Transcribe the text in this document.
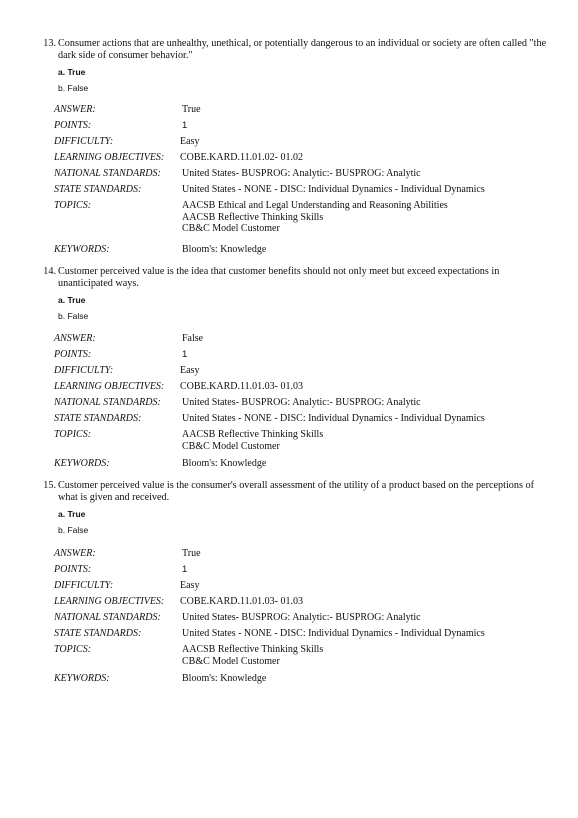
13. Consumer actions that are unhealthy, unethical, or potentially dangerous to an individual or society are often called "the dark side of consumer behavior."
a. True
b. False
ANSWER:	True
POINTS:	1
DIFFICULTY:	Easy
LEARNING OBJECTIVES: COBE.KARD.11.01.02- 01.02
NATIONAL STANDARDS: United States- BUSPROG: Analytic:- BUSPROG: Analytic
STATE STANDARDS:	United States - NONE - DISC: Individual Dynamics - Individual Dynamics
TOPICS:	AACSB Ethical and Legal Understanding and Reasoning Abilities
AACSB Reflective Thinking Skills
CB&C Model Customer
KEYWORDS:	Bloom's: Knowledge
14. Customer perceived value is the idea that customer benefits should not only meet but exceed expectations in unanticipated ways.
a. True
b. False
ANSWER:	False
POINTS:	1
DIFFICULTY:	Easy
LEARNING OBJECTIVES: COBE.KARD.11.01.03- 01.03
NATIONAL STANDARDS: United States- BUSPROG: Analytic:- BUSPROG: Analytic
STATE STANDARDS:	United States - NONE - DISC: Individual Dynamics - Individual Dynamics
TOPICS:	AACSB Reflective Thinking Skills
CB&C Model Customer
KEYWORDS:	Bloom's: Knowledge
15. Customer perceived value is the consumer's overall assessment of the utility of a product based on the perceptions of what is given and received.
a. True
b. False
ANSWER:	True
POINTS:	1
DIFFICULTY:	Easy
LEARNING OBJECTIVES: COBE.KARD.11.01.03- 01.03
NATIONAL STANDARDS: United States- BUSPROG: Analytic:- BUSPROG: Analytic
STATE STANDARDS:	United States - NONE - DISC: Individual Dynamics - Individual Dynamics
TOPICS:	AACSB Reflective Thinking Skills
CB&C Model Customer
KEYWORDS:	Bloom's: Knowledge
